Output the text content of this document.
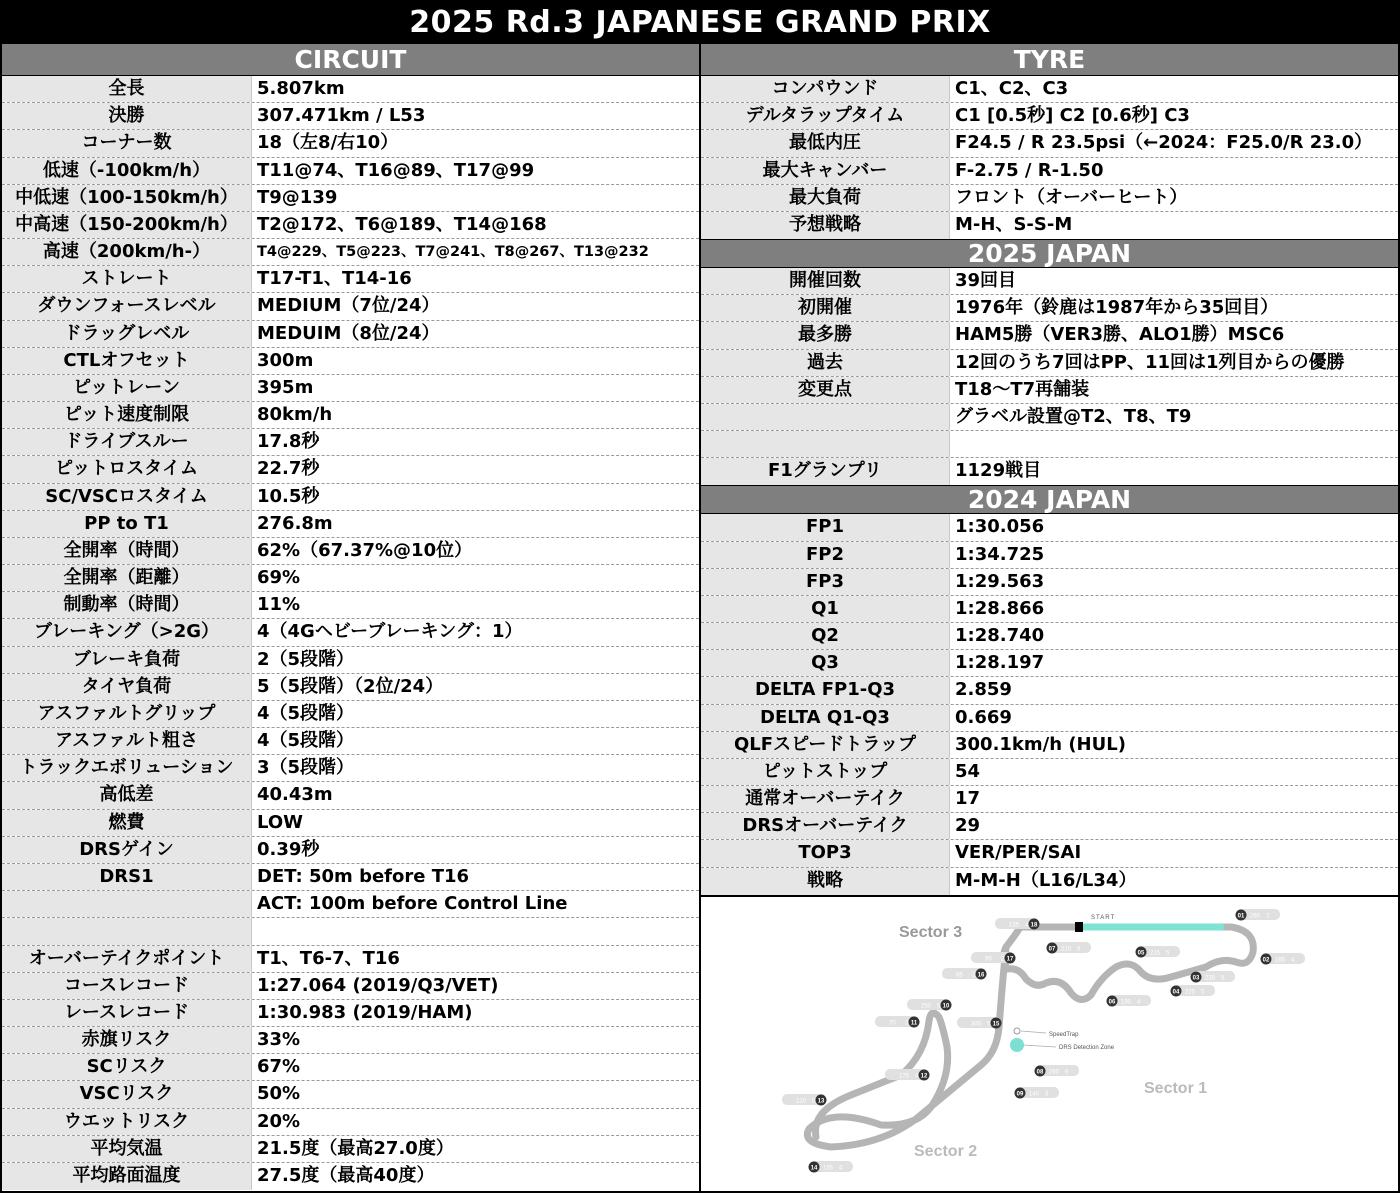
2025 Rd.3 JAPANESE GRAND PRIX
CIRCUIT
全長	5.807km
決勝	307.471km / L53
コーナー数	18（左8/右10）
低速（-100km/h）	T11@74、T16@89、T17@99
中低速（100-150km/h）	T9@139
中高速（150-200km/h）	T2@172、T6@189、T14@168
高速（200km/h-）	T4@229、T5@223、T7@241、T8@267、T13@232
ストレート	T17-T1、T14-16
ダウンフォースレベル	MEDIUM（7位/24）
ドラッグレベル	MEDUIM（8位/24）
CTLオフセット	300m
ピットレーン	395m
ピット速度制限	80km/h
ドライブスルー	17.8秒
ピットロスタイム	22.7秒
SC/VSCロスタイム	10.5秒
PP to T1	276.8m
全開率（時間）	62%（67.37%@10位）
全開率（距離）	69%
制動率（時間）	11%
ブレーキング（>2G）	4（4Gヘビーブレーキング：1）
ブレーキ負荷	2（5段階）
タイヤ負荷	5（5段階）（2位/24）
アスファルトグリップ	4（5段階）
アスファルト粗さ	4（5段階）
トラックエボリューション	3（5段階）
高低差	40.43m
燃費	LOW
DRSゲイン	0.39秒
DRS1	DET: 50m before T16
ACT: 100m before Control Line
オーバーテイクポイント	T1、T6-7、T16
コースレコード	1:27.064 (2019/Q3/VET)
レースレコード	1:30.983 (2019/HAM)
赤旗リスク	33%
SCリスク	67%
VSCリスク	50%
ウエットリスク	20%
平均気温	21.5度（最高27.0度）
平均路面温度	27.5度（最高40度）
TYRE
コンパウンド	C1、C2、C3
デルタラップタイム	C1 [0.5秒] C2 [0.6秒] C3
最低内圧	F24.5 / R 23.5psi（←2024：F25.0/R 23.0）
最大キャンバー	F-2.75 / R-1.50
最大負荷	フロント（オーバーヒート）
予想戦略	M-H、S-S-M
2025 JAPAN
開催回数	39回目
初開催	1976年（鈴鹿は1987年から35回目）
最多勝	HAM5勝（VER3勝、ALO1勝）MSC6
過去	12回のうち7回はPP、11回は1列目からの優勝
変更点	T18〜T7再舗装
グラベル設置@T2、T8、T9
F1グランプリ	1129戦目
2024 JAPAN
FP1	1:30.056
FP2	1:34.725
FP3	1:29.563
Q1	1:28.866
Q2	1:28.740
Q3	1:28.197
DELTA FP1-Q3	2.859
DELTA Q1-Q3	0.669
QLFスピードトラップ	300.1km/h (HUL)
ピットストップ	54
通常オーバーテイク	17
DRSオーバーテイク	29
TOP3	VER/PER/SAI
戦略	M-M-H（L16/L34）
SpeedTrap
DRS Detection Zone
START
Sector 3
Sector 1
Sector 2
01 265 7
02 165 4
03 230 5
04 225 5
05 215 5
06 190 4
07 210 5
08 260 6
09 140 3
10
250 5
11
70 3
12
175 4
13
220 5
14 155 4
15
300 5
16
85 2
17
95 2
18
135 4
